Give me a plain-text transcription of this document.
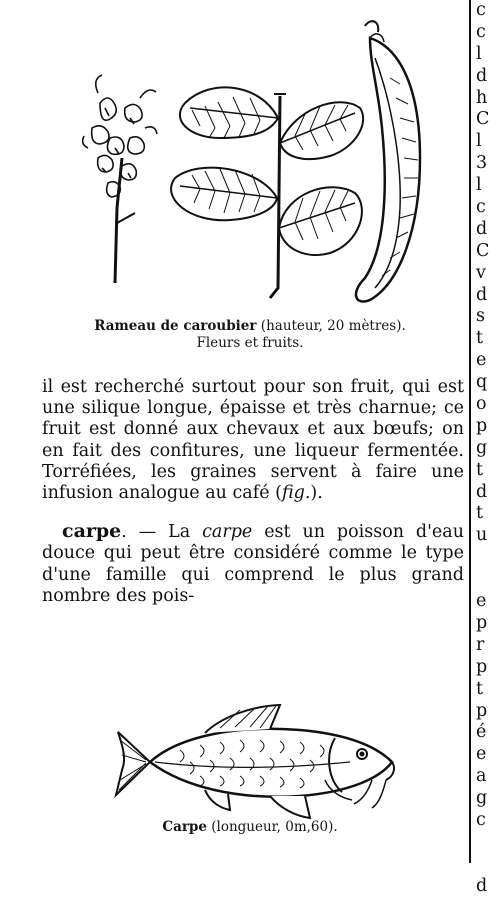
Rameau de caroubier (hauteur, 20 mètres).
Fleurs et fruits.

il est recherché surtout pour son fruit, qui est une silique longue, épaisse et très charnue; ce fruit est donné aux chevaux et aux bœufs; on en fait des confitures, une liqueur fermentée. Torréfiées, les graines servent à faire une infusion analogue au café (fig.).

carpe. — La carpe est un poisson d'eau douce qui peut être considéré comme le type d'une famille qui comprend le plus grand nombre des pois-

Carpe (longueur, 0m,60).
c
c
l
d
h
C
l
3
l
c
d
C
v
d
s
t
e
q
o
p
g
t
d
t
u
e
p
r
p
t
p
é
e
a
g
c
d
